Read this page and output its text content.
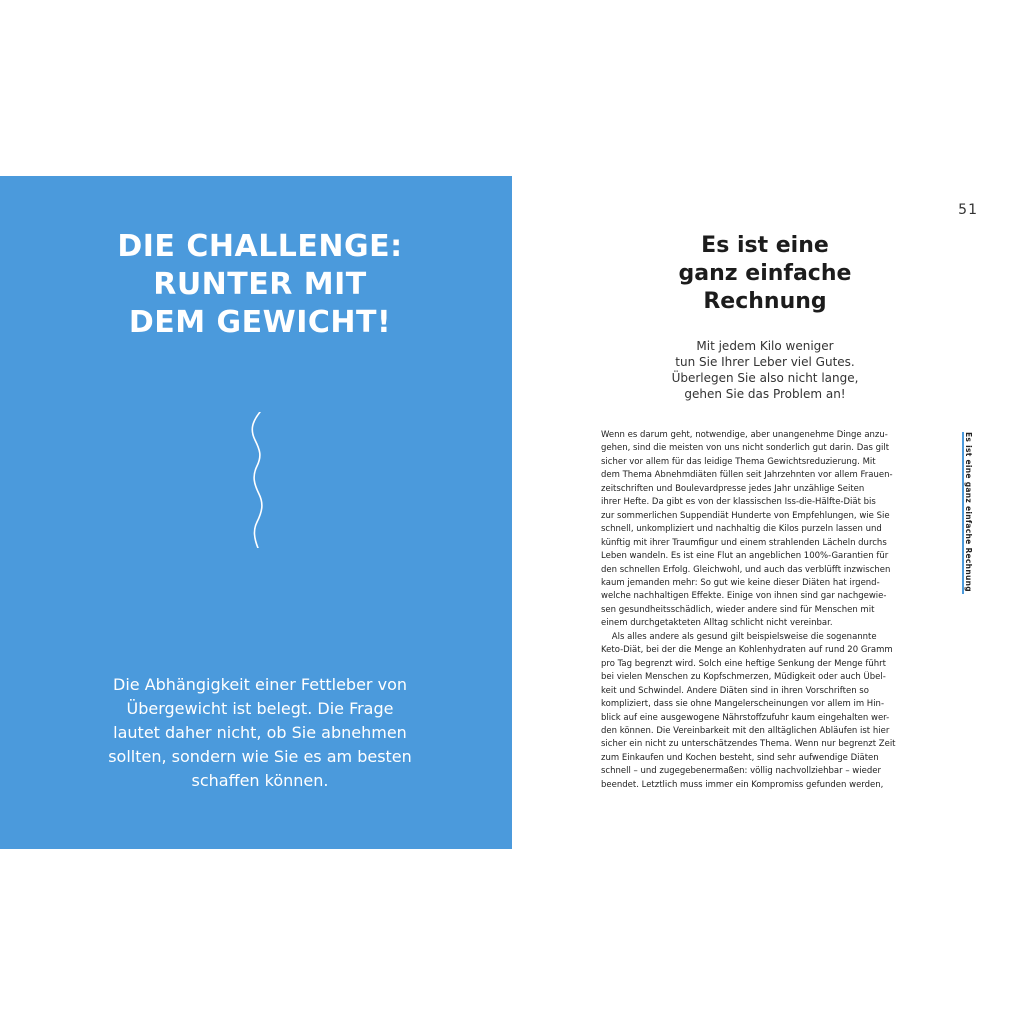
DIE CHALLENGE:
RUNTER MIT
DEM GEWICHT!

Die Abhängigkeit einer Fettleber von
Übergewicht ist belegt. Die Frage
lautet daher nicht, ob Sie abnehmen
sollten, sondern wie Sie es am besten
schaffen können.

51
Es ist eine
ganz einfache
Rechnung

Mit jedem Kilo weniger
tun Sie Ihrer Leber viel Gutes.
Überlegen Sie also nicht lange,
gehen Sie das Problem an!

Wenn es darum geht, notwendige, aber unangenehme Dinge anzu-
gehen, sind die meisten von uns nicht sonderlich gut darin. Das gilt
sicher vor allem für das leidige Thema Gewichtsreduzierung. Mit
dem Thema Abnehmdiäten füllen seit Jahrzehnten vor allem Frauen-
zeitschriften und Boulevardpresse jedes Jahr unzählige Seiten
ihrer Hefte. Da gibt es von der klassischen Iss-die-Hälfte-Diät bis
zur sommerlichen Suppendiät Hunderte von Empfehlungen, wie Sie
schnell, unkompliziert und nachhaltig die Kilos purzeln lassen und
künftig mit ihrer Traumfigur und einem strahlenden Lächeln durchs
Leben wandeln. Es ist eine Flut an angeblichen 100%-Garantien für
den schnellen Erfolg. Gleichwohl, und auch das verblüfft inzwischen
kaum jemanden mehr: So gut wie keine dieser Diäten hat irgend-
welche nachhaltigen Effekte. Einige von ihnen sind gar nachgewie-
sen gesundheitsschädlich, wieder andere sind für Menschen mit
einem durchgetakteten Alltag schlicht nicht vereinbar.
Als alles andere als gesund gilt beispielsweise die sogenannte
Keto-Diät, bei der die Menge an Kohlenhydraten auf rund 20 Gramm
pro Tag begrenzt wird. Solch eine heftige Senkung der Menge führt
bei vielen Menschen zu Kopfschmerzen, Müdigkeit oder auch Übel-
keit und Schwindel. Andere Diäten sind in ihren Vorschriften so
kompliziert, dass sie ohne Mangelerscheinungen vor allem im Hin-
blick auf eine ausgewogene Nährstoffzufuhr kaum eingehalten wer-
den können. Die Vereinbarkeit mit den alltäglichen Abläufen ist hier
sicher ein nicht zu unterschätzendes Thema. Wenn nur begrenzt Zeit
zum Einkaufen und Kochen besteht, sind sehr aufwendige Diäten
schnell – und zugegebenermaßen: völlig nachvollziehbar – wieder
beendet. Letztlich muss immer ein Kompromiss gefunden werden,
Es ist eine ganz einfache Rechnung
